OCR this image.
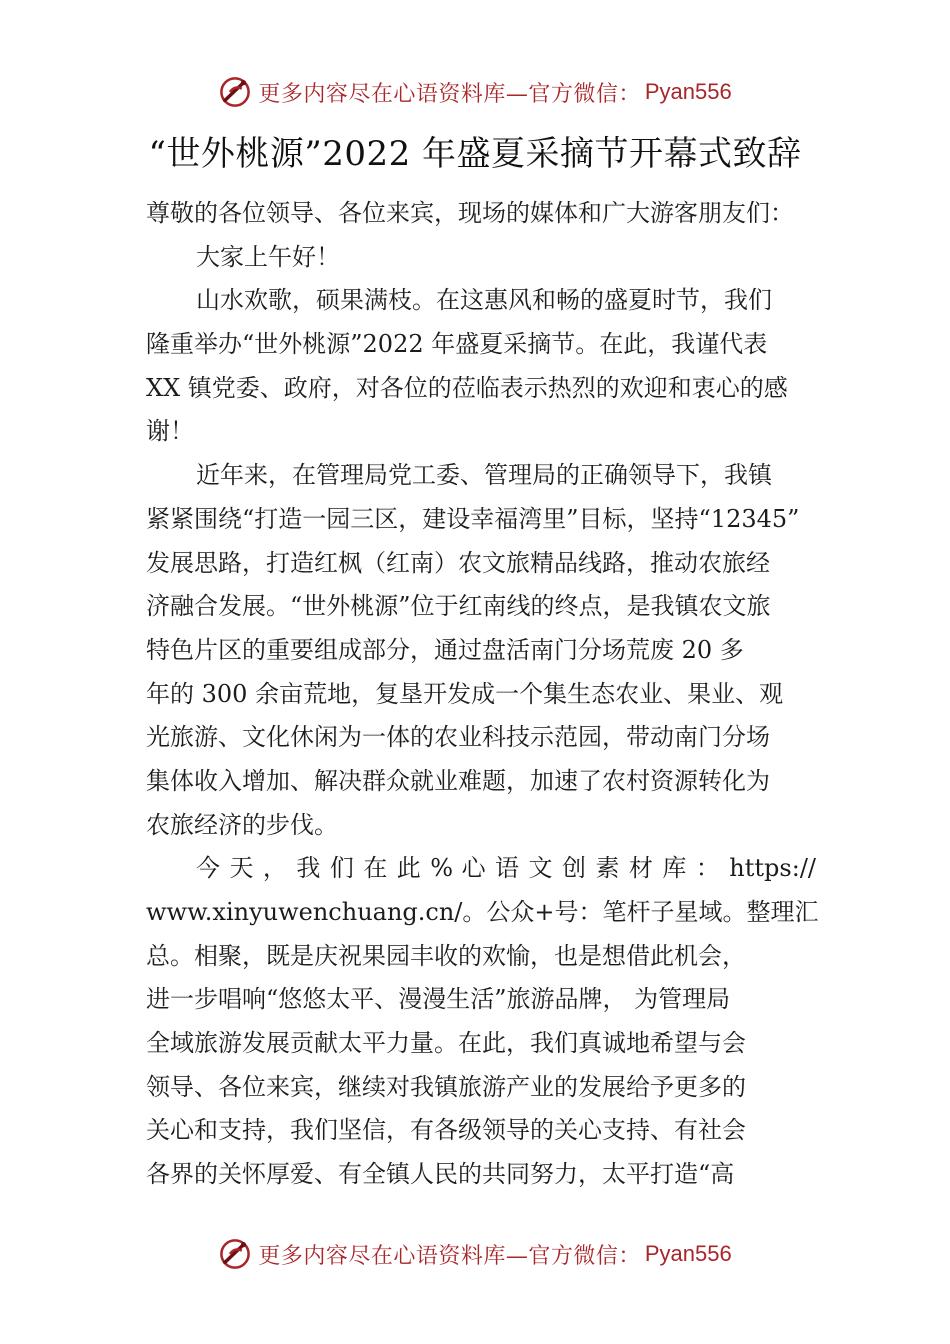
更多内容尽在心语资料库—官方微信： Pyan556
“世外桃源”2022 年盛夏采摘节开幕式致辞
尊敬的各位领导、各位来宾，现场的媒体和广大游客朋友们：
大家上午好！
山水欢歌，硕果满枝。在这惠风和畅的盛夏时节，我们
隆重举办“世外桃源”2022 年盛夏采摘节。在此，我谨代表
XX 镇党委、政府，对各位的莅临表示热烈的欢迎和衷心的感
谢！
近年来，在管理局党工委、管理局的正确领导下，我镇
紧紧围绕“打造一园三区，建设幸福湾里”目标，坚持“12345”
发展思路，打造红枫（红南）农文旅精品线路，推动农旅经
济融合发展。“世外桃源”位于红南线的终点，是我镇农文旅
特色片区的重要组成部分，通过盘活南门分场荒废 20 多
年的 300 余亩荒地，复垦开发成一个集生态农业、果业、观
光旅游、文化休闲为一体的农业科技示范园，带动南门分场
集体收入增加、解决群众就业难题，加速了农村资源转化为
农旅经济的步伐。
今 天 ， 我 们 在 此 % 心 语 文 创 素 材 库 ： https://
www.xinyuwenchuang.cn/。公众+号：笔杆子星域。整理汇
总。相聚，既是庆祝果园丰收的欢愉，也是想借此机会，
进一步唱响“悠悠太平、漫漫生活”旅游品牌， 为管理局
全域旅游发展贡献太平力量。在此，我们真诚地希望与会
领导、各位来宾，继续对我镇旅游产业的发展给予更多的
关心和支持，我们坚信，有各级领导的关心支持、有社会
各界的关怀厚爱、有全镇人民的共同努力，太平打造“高
更多内容尽在心语资料库—官方微信： Pyan556
